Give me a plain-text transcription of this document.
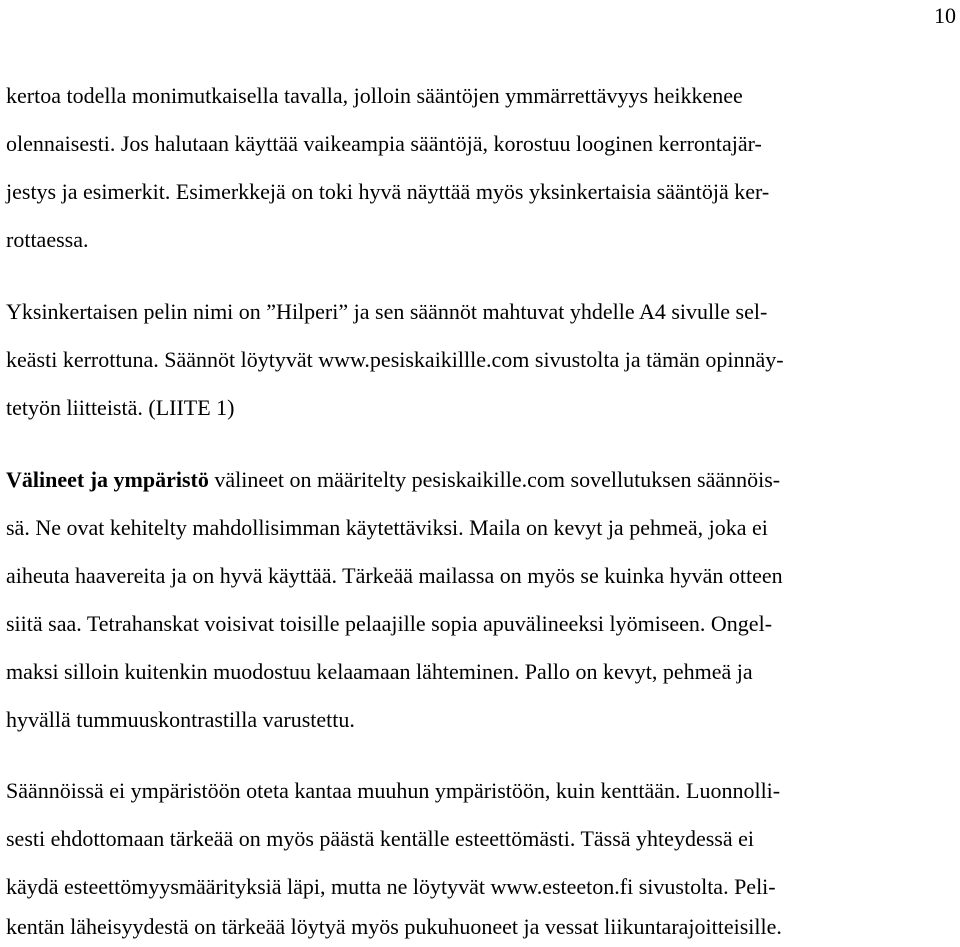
10
kertoa todella monimutkaisella tavalla, jolloin sääntöjen ymmärrettävyys heikkenee
olennaisesti. Jos halutaan käyttää vaikeampia sääntöjä, korostuu looginen kerrontajär-
jestys ja esimerkit. Esimerkkejä on toki hyvä näyttää myös yksinkertaisia sääntöjä ker-
rottaessa.
Yksinkertaisen pelin nimi on ”Hilperi” ja sen säännöt mahtuvat yhdelle A4 sivulle sel-
keästi kerrottuna. Säännöt löytyvät www.pesiskaikillle.com sivustolta ja tämän opinnäy-
tetyön liitteistä. (LIITE 1)
Välineet ja ympäristö välineet on määritelty pesiskaikille.com sovellutuksen säännöis-
sä. Ne ovat kehitelty mahdollisimman käytettäviksi. Maila on kevyt ja pehmeä, joka ei
aiheuta haavereita ja on hyvä käyttää. Tärkeää mailassa on myös se kuinka hyvän otteen
siitä saa. Tetrahanskat voisivat toisille pelaajille sopia apuvälineeksi lyömiseen. Ongel-
maksi silloin kuitenkin muodostuu kelaamaan lähteminen. Pallo on kevyt, pehmeä ja
hyvällä tummuuskontrastilla varustettu.
Säännöissä ei ympäristöön oteta kantaa muuhun ympäristöön, kuin kenttään. Luonnolli-
sesti ehdottomaan tärkeää on myös päästä kentälle esteettömästi. Tässä yhteydessä ei
käydä esteettömyysmäärityksiä läpi, mutta ne löytyvät www.esteeton.fi sivustolta. Peli-
kentän läheisyydestä on tärkeää löytyä myös pukuhuoneet ja vessat liikuntarajoitteisille.
